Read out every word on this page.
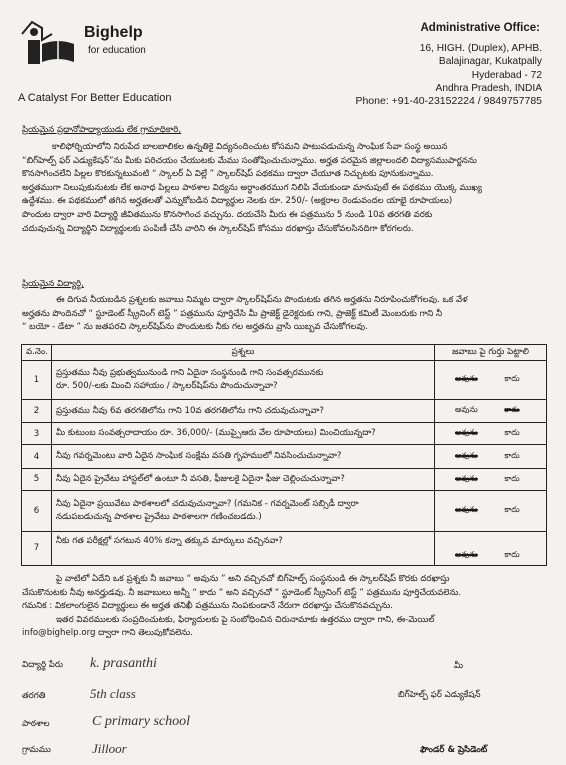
Bighelp
for education
A Catalyst For Better Education
Administrative Office:
16, HIGH. (Duplex), APHB.
Balajinagar, Kukatpally
Hyderabad - 72
Andhra Pradesh, INDIA
Phone: +91-40-23152224 / 9849757785
ప్రియమైన ప్రధానోపాధ్యాయుడు లేక గ్రామాధికారి,
కాలిఫోర్నియాలోని నిరుపేద బాలబాలికల ఉన్నతికై విద్యనందించుట కోసమని పాటుపడుచున్న సాంఘిక సేవా సంస్థ అయిన
“బిగ్‌హెల్ప్ ఫర్ ఎడ్యుకేషన్”ను మీకు పరిచయం చేయుటకు మేము సంతోషించుచున్నాము. అర్హత పరమైన జిల్లాలందలి విద్యాసముపార్జనను
కొనసాగించలేని పిల్లల కొరకున్నటువంటి “ స్కాలర్ ఏ విల్లే ” స్కాలర్‌షిప్ పథకము ద్వారా చేయూత నిచ్చుటకు పూనుకున్నాము.
అర్హతముగా నిలుపుకునుటకు లేక అనాధ పిల్లలు పాఠశాల విద్యను అర్ధాంతరముగ నిలిపి వేయకుండా మానుపుటే ఈ పథకము యొక్క ముఖ్య
ఉద్దేశము. ఈ పథకములో తగిన అర్హతలతో ఎన్నుకోబడిన విద్యార్థుల నెలకు రూ. 250/- (అక్షరాల రెండువందల యాభై రూపాయలు)
పొందుట ద్వారా వారి విద్యార్థి జీవితమును కొనసాగించ వచ్చును. దయచేసి మీరు ఈ పత్రమును 5 నుండి 10వ తరగతి వరకు
చదువుచున్న విద్యార్థిని విద్యార్థులకు పంపిణీ చేసి వారిని ఈ స్కాలర్‌షిప్ కోసము దరఖాస్తు చేసుకోవలసినదిగా కోరగలరు.
ప్రియమైన విద్యార్థి,
ఈ దిగువ నీయబడిన ప్రశ్నలకు జవాబు నిమ్మట ద్వారా స్కాలర్‌షిప్‌ను పొందుటకు తగిన అర్హతను నిరూపించుకోగలవు. ఒక వేళ
అర్హతను పొందినచో “ స్టూడెంట్ స్క్రీనింగ్ టెస్ట్ ” పత్రమును పూర్తిచేసి మీ ప్రాజెక్ట్ డైరెక్టరుకు గాని, ప్రాజెక్ట్ కమిటీ మెంబరుకు గాని నీ
“ బయో - డేటా ” ను జతపరచి స్కాలర్‌షిప్‌ను పొందుటకు నీకు గల అర్హతను వ్రాసి యిబ్బవ చేసుకోగలవు.
వ.నెం.	ప్రశ్నలు	జవాబు పై గుర్తు పెట్టాలి
1	ప్రస్తుతము నీవు ప్రభుత్వమునుండి గాని ఏదైనా సంస్థనుండి గాని సంవత్సరమునకు
రూ. 500/-లకు మించి సహాయం / స్కాలర్‌షిప్‌ను పొందుచున్నావా?	అవును కాదు
2	ప్రస్తుతము నీవు 6వ తరగతిలోను గాని 10వ తరగతిలోను గాని చదువుచున్నావా?	అవును కాదు
3	మీ కుటుంబ సంవత్సరాదాయం రూ. 36,000/- (ముప్పైఆరు వేల రూపాయలు) మించియున్నదా?	అవును కాదు
4	నీవు గవర్నమెంటు వారి ఏదైన సాంఘిక సంక్షేమ వసతి గృహములో నివసించుచున్నావా?	అవును కాదు
5	నీవు ఏదైన ప్రైవేటు హాస్టల్‌లో ఉంటూ నీ వసతి, ఫీజులకై ఏదైనా ఫీజు చెల్లించుచున్నావా?	అవును కాదు
6	నీవు ఏదైనా ప్రయివేటు పాఠశాలలో చదువుచున్నావా? (గమనిక - గవర్నమెంట్ సబ్సిడీ ద్వారా
నడుపబడుచున్న పాఠశాల ప్రైవేటు పాఠశాలగా గణించబడదు.)	అవును కాదు
7	నీకు గత పరీక్షల్లో సగటున 40% కన్నా తక్కువ మార్కులు వచ్చినవా?	అవును కాదు
పై వాటిలో ఏదేని ఒక ప్రశ్నకు నీ జవాబు “ అవును ” అని వచ్చినచో బిగ్‌హెల్ప్ సంస్థనుండి ఈ స్కాలర్‌షిప్ కొరకు దరఖాస్తు
చేసుకొనుటకు నీవు అనర్హుడవు. నీ జవాబులు అన్నీ “ కాదు ” అని వచ్చినచో “ స్టూడెంట్ స్క్రీనింగ్ టెస్ట్ ” పత్రమును పూర్తిచేయవలెను.
గమనిక : వికలాంగులైన విద్యార్థులు ఈ అర్హత తనిఖీ పత్రమును నింపకుండానే నేరుగా దరఖాస్తు చేసుకొనవచ్చును.
ఇతర వివరములకు సంప్రదించుటకు, ఫిర్యాదులకు పై సంబోధించిన చిరునామాకు ఉత్తరము ద్వారా గాని, ఈ-మెయిల్
info@bighelp.org ద్వారా గాని తెలుపుకోవలెను.
విద్యార్థి పేరు k. prasanthi
తరగతి	5th class
పాఠశాల	C primary school
గ్రామము	Jilloor
మీ
బిగ్‌హెల్ప్ ఫర్ ఎడ్యుకేషన్
ఫౌండర్ & ప్రెసిడెంట్
